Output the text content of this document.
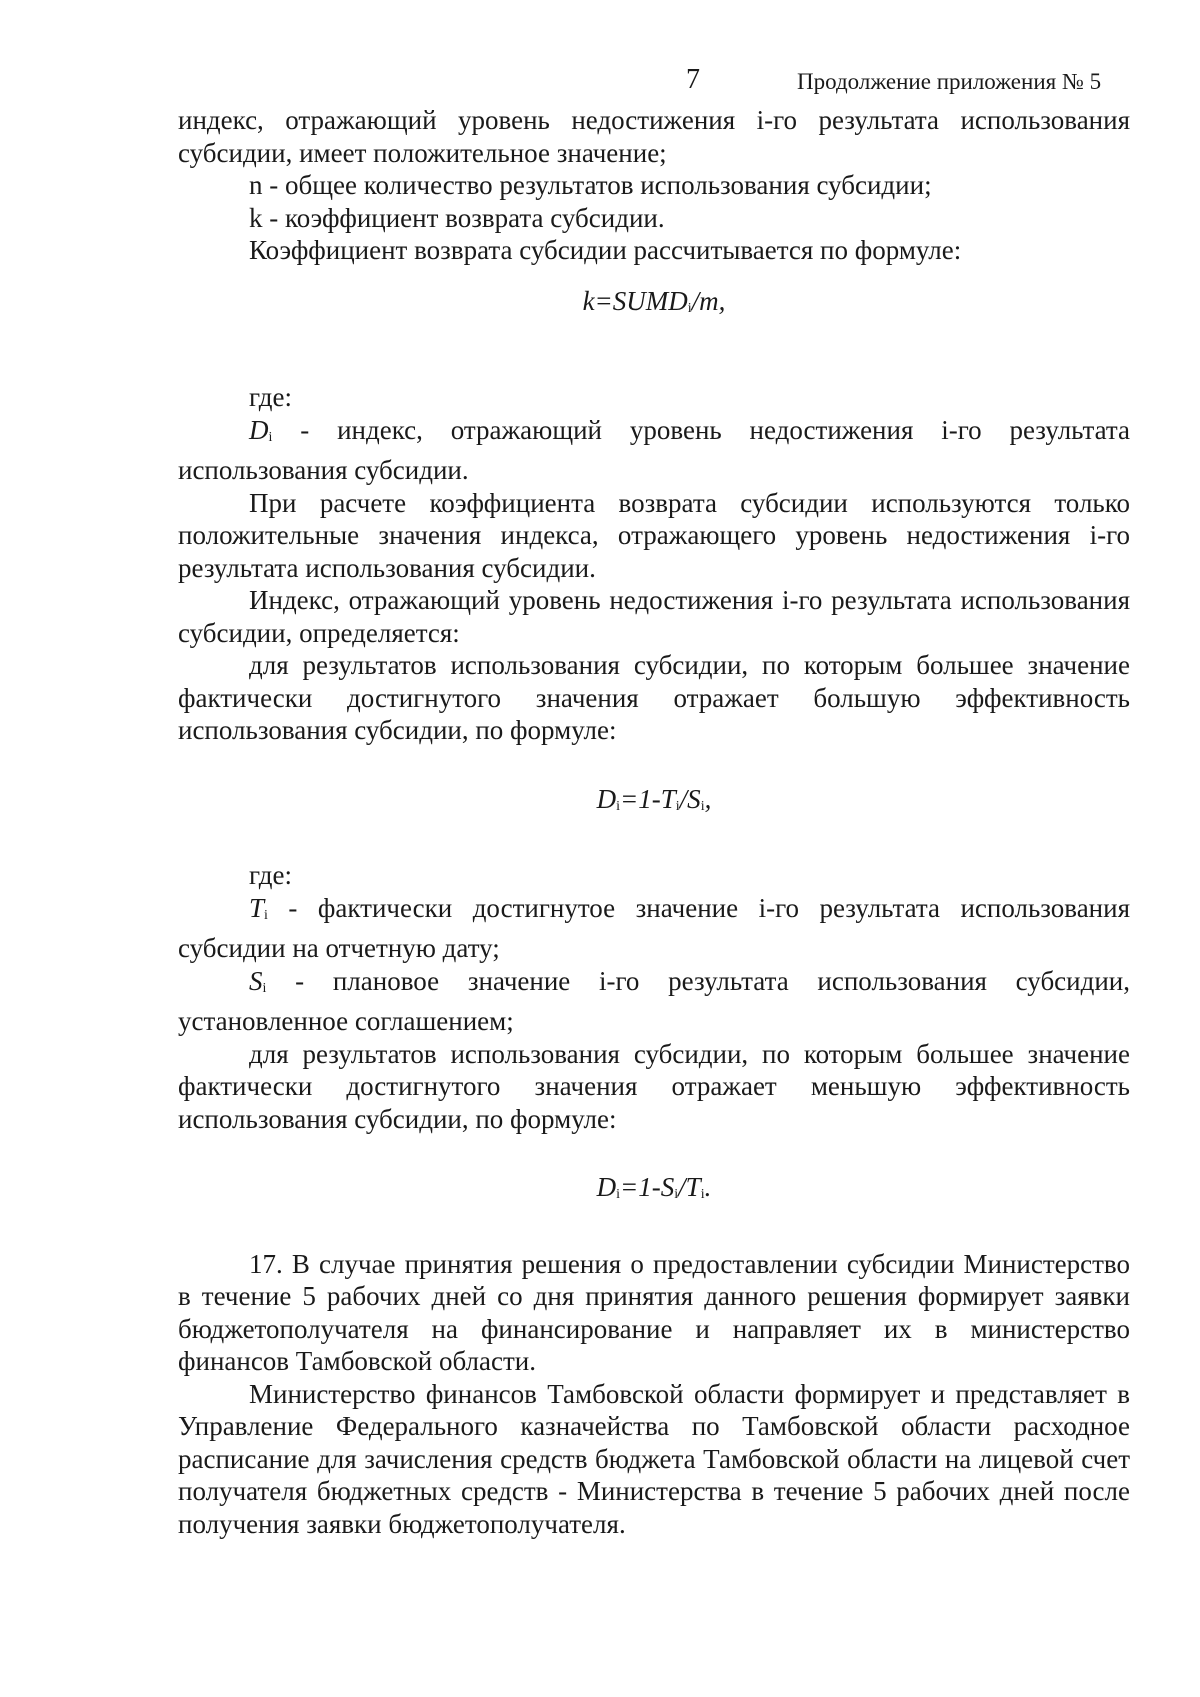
7	Продолжение приложения № 5

индекс, отражающий уровень недостижения i-го результата использования субсидии, имеет положительное значение;

n - общее количество результатов использования субсидии;

k - коэффициент возврата субсидии.

Коэффициент возврата субсидии рассчитывается по формуле:

k=SUMDi/m,

где:

Di - индекс, отражающий уровень недостижения i-го результата использования субсидии.

При расчете коэффициента возврата субсидии используются только положительные значения индекса, отражающего уровень недостижения i-го результата использования субсидии.

Индекс, отражающий уровень недостижения i-го результата использования субсидии, определяется:

для результатов использования субсидии, по которым большее значение фактически достигнутого значения отражает большую эффективность использования субсидии, по формуле:

Di=1-Ti/Si,

где:

Ti - фактически достигнутое значение i-го результата использования субсидии на отчетную дату;

Si - плановое значение i-го результата использования субсидии, установленное соглашением;

для результатов использования субсидии, по которым большее значение фактически достигнутого значения отражает меньшую эффективность использования субсидии, по формуле:

Di=1-Si/Ti.

17. В случае принятия решения о предоставлении субсидии Министерство в течение 5 рабочих дней со дня принятия данного решения формирует заявки бюджетополучателя на финансирование и направляет их в министерство финансов Тамбовской области.

Министерство финансов Тамбовской области формирует и представляет в Управление Федерального казначейства по Тамбовской области расходное расписание для зачисления средств бюджета Тамбовской области на лицевой счет получателя бюджетных средств - Министерства в течение 5 рабочих дней после получения заявки бюджетополучателя.
